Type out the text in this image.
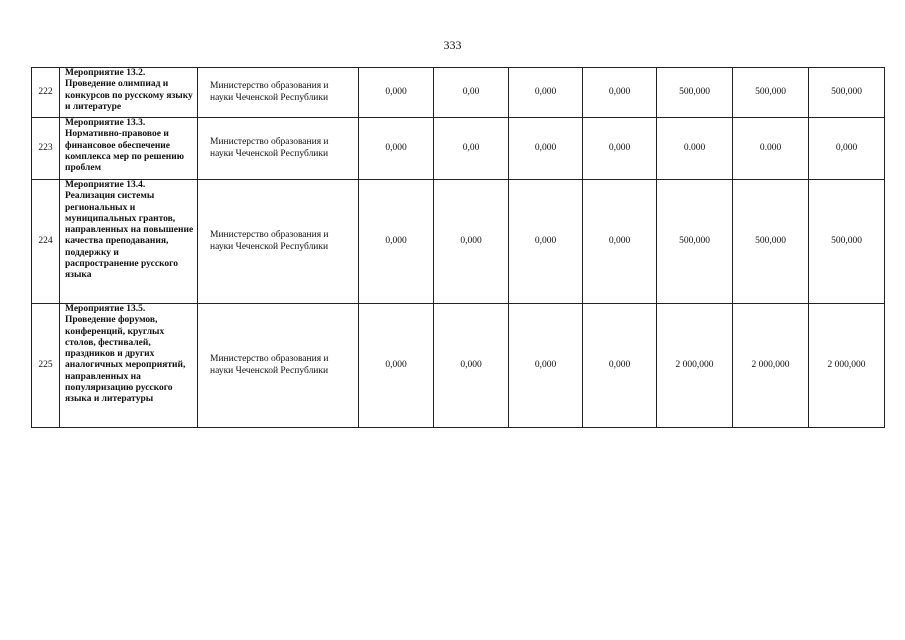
333
222	Мероприятие 13.2. Проведение олимпиад и конкурсов по русскому языку и литературе	Министерство образования и науки Чеченской Республики	0,000	0,00	0,000	0,000	500,000	500,000	500,000
223	Мероприятие 13.3. Нормативно-правовое и финансовое обеспечение комплекса мер по решению проблем	Министерство образования и науки Чеченской Республики	0,000	0,00	0,000	0,000	0.000	0.000	0,000
224	Мероприятие 13.4. Реализация системы региональных и муниципальных грантов, направленных на повышение качества преподавания, поддержку и распространение русского языка	Министерство образования и науки Чеченской Республики	0,000	0,000	0,000	0,000	500,000	500,000	500,000
225	Мероприятие 13.5. Проведение форумов, конференций, круглых столов, фестивалей, праздников и других аналогичных мероприятий, направленных на популяризацию русского языка и литературы	Министерство образования и науки Чеченской Республики	0,000	0,000	0,000	0,000	2 000,000	2 000,000	2 000,000
